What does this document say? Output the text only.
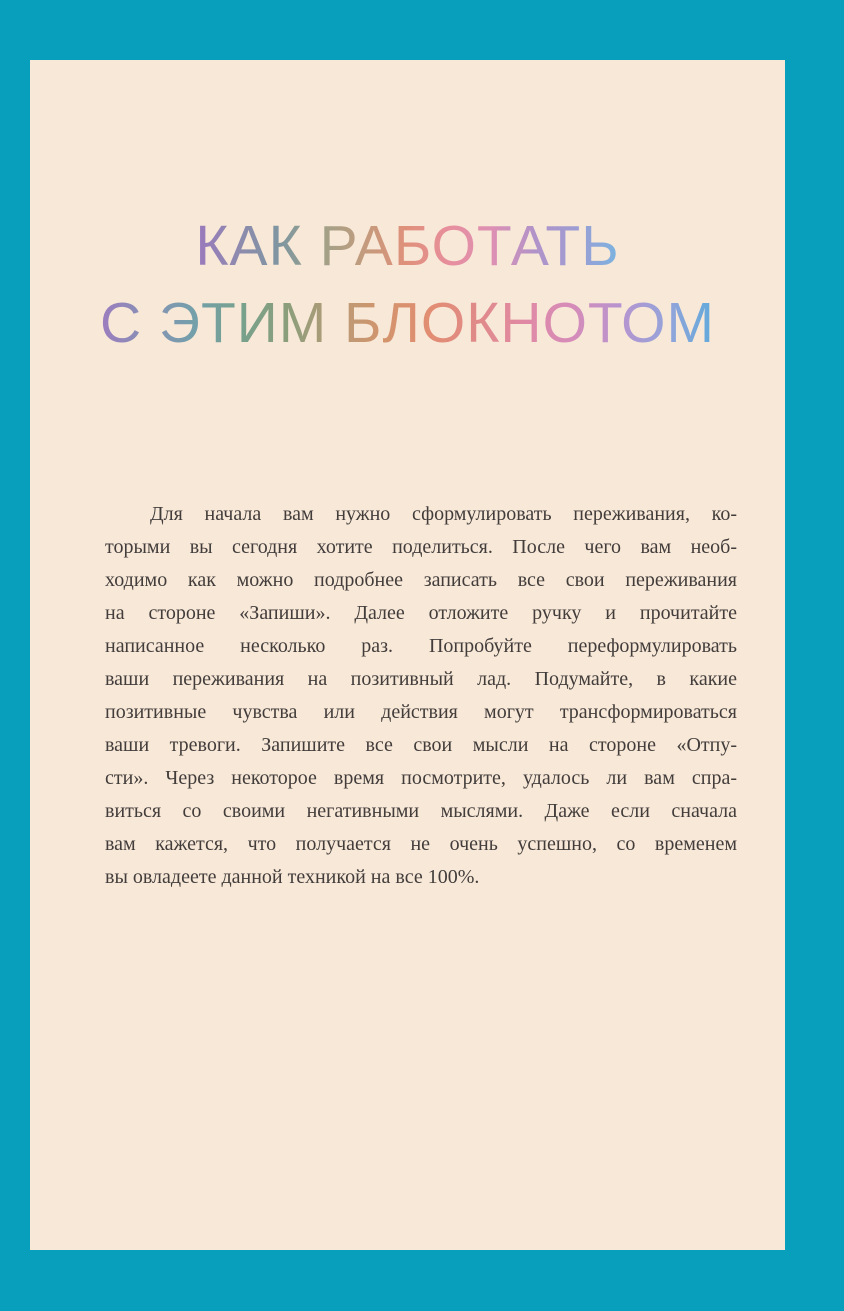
КАК РАБОТАТЬ
С ЭТИМ БЛОКНОТОМ
Для начала вам нужно сформулировать переживания, ко-
торыми вы сегодня хотите поделиться. После чего вам необ-
ходимо как можно подробнее записать все свои переживания
на стороне «Запиши». Далее отложите ручку и прочитайте
написанное несколько раз. Попробуйте переформулировать
ваши переживания на позитивный лад. Подумайте, в какие
позитивные чувства или действия могут трансформироваться
ваши тревоги. Запишите все свои мысли на стороне «Отпу-
сти». Через некоторое время посмотрите, удалось ли вам спра-
виться со своими негативными мыслями. Даже если сначала
вам кажется, что получается не очень успешно, со временем
вы овладеете данной техникой на все 100%.
